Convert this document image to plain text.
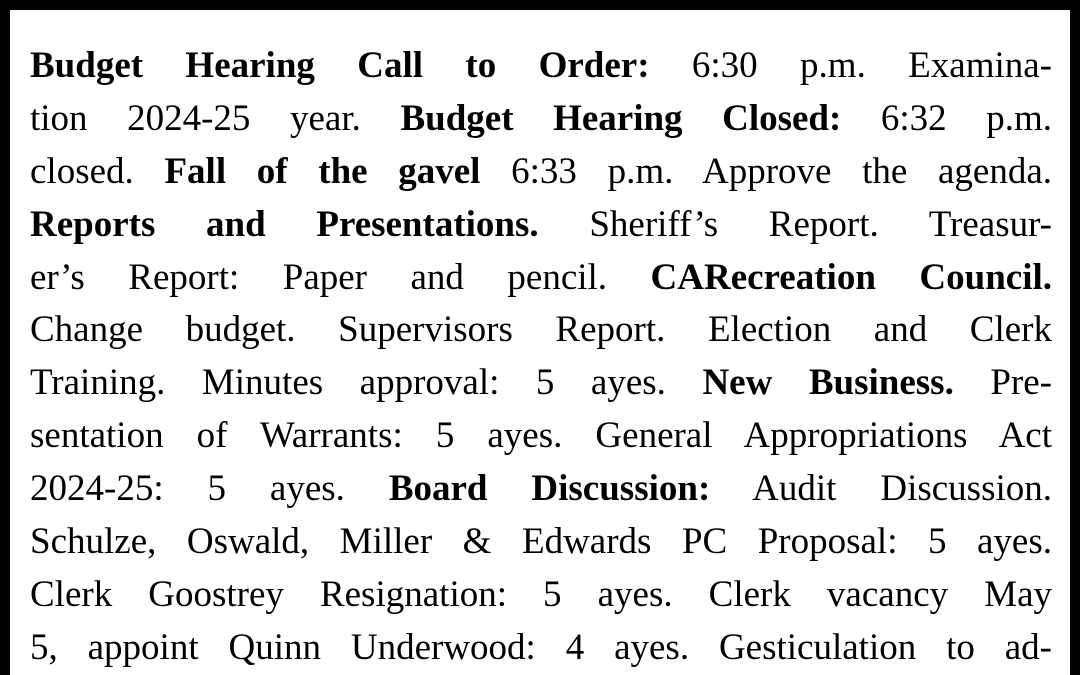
Budget Hearing Call to Order: 6:30 p.m. Examina-
tion 2024-25 year. Budget Hearing Closed: 6:32 p.m.
closed. Fall of the gavel 6:33 p.m. Approve the agenda.
Reports and Presentations. Sheriff’s Report. Treasur-
er’s Report: Paper and pencil. CARecreation Council.
Change budget. Supervisors Report. Election and Clerk
Training. Minutes approval: 5 ayes. New Business. Pre-
sentation of Warrants: 5 ayes. General Appropriations Act
2024-25: 5 ayes. Board Discussion: Audit Discussion.
Schulze, Oswald, Miller & Edwards PC Proposal: 5 ayes.
Clerk Goostrey Resignation: 5 ayes. Clerk vacancy May
5, appoint Quinn Underwood: 4 ayes. Gesticulation to ad-
